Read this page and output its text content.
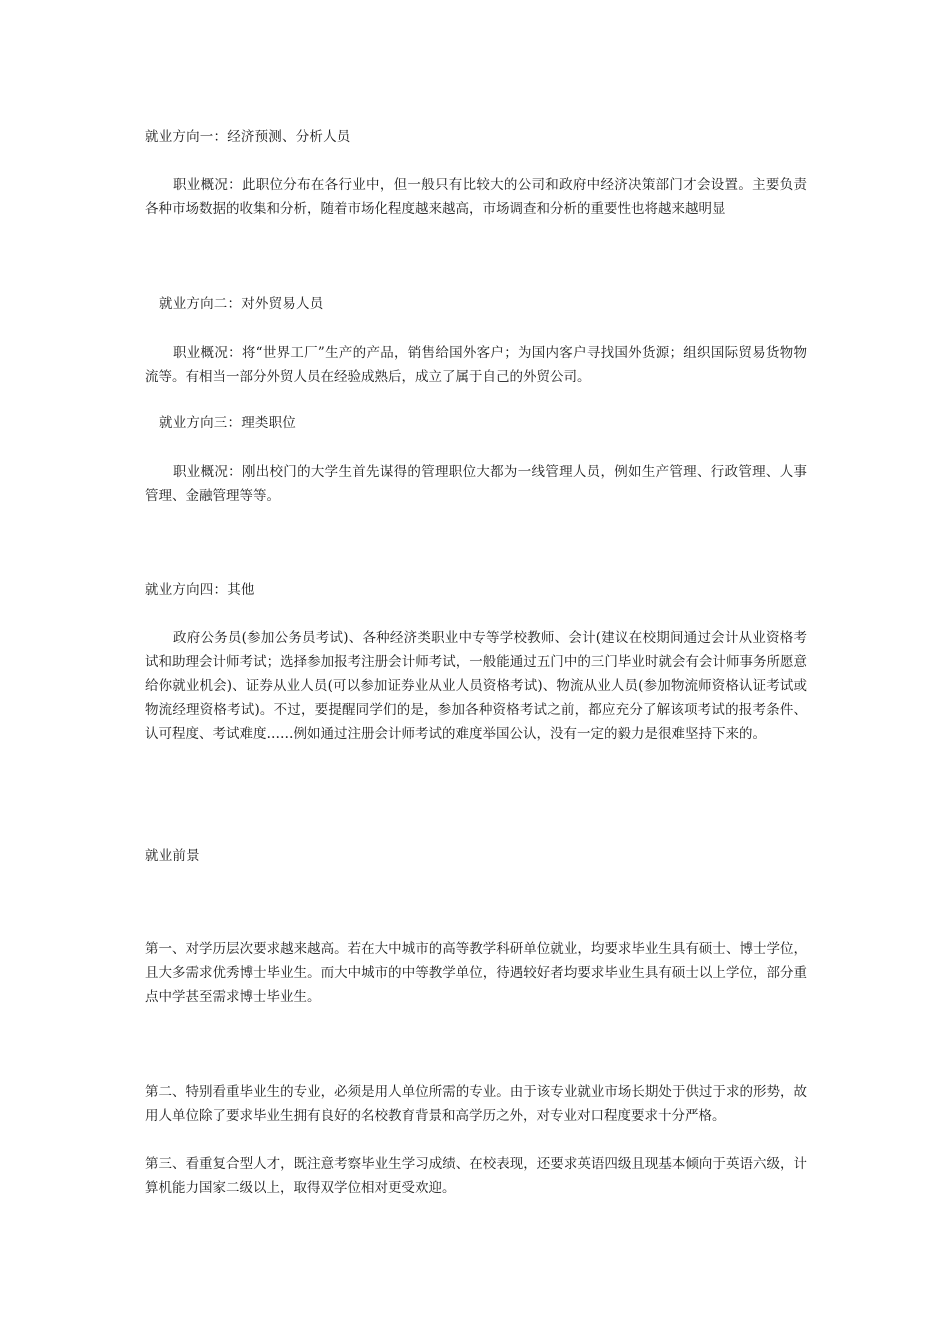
就业方向一：经济预测、分析人员

职业概况：此职位分布在各行业中，但一般只有比较大的公司和政府中经济决策部门才会设置。主要负责各种市场数据的收集和分析，随着市场化程度越来越高，市场调查和分析的重要性也将越来越明显

就业方向二：对外贸易人员

职业概况：将“世界工厂”生产的产品，销售给国外客户；为国内客户寻找国外货源；组织国际贸易货物物流等。有相当一部分外贸人员在经验成熟后，成立了属于自己的外贸公司。

就业方向三：理类职位

职业概况：刚出校门的大学生首先谋得的管理职位大都为一线管理人员，例如生产管理、行政管理、人事管理、金融管理等等。

就业方向四：其他

政府公务员(参加公务员考试)、各种经济类职业中专等学校教师、会计(建议在校期间通过会计从业资格考试和助理会计师考试；选择参加报考注册会计师考试，一般能通过五门中的三门毕业时就会有会计师事务所愿意给你就业机会)、证券从业人员(可以参加证券业从业人员资格考试)、物流从业人员(参加物流师资格认证考试或物流经理资格考试)。不过，要提醒同学们的是，参加各种资格考试之前，都应充分了解该项考试的报考条件、认可程度、考试难度……例如通过注册会计师考试的难度举国公认，没有一定的毅力是很难坚持下来的。

就业前景

第一、对学历层次要求越来越高。若在大中城市的高等教学科研单位就业，均要求毕业生具有硕士、博士学位，且大多需求优秀博士毕业生。而大中城市的中等教学单位，待遇较好者均要求毕业生具有硕士以上学位，部分重点中学甚至需求博士毕业生。

第二、特别看重毕业生的专业，必须是用人单位所需的专业。由于该专业就业市场长期处于供过于求的形势，故用人单位除了要求毕业生拥有良好的名校教育背景和高学历之外，对专业对口程度要求十分严格。

第三、看重复合型人才，既注意考察毕业生学习成绩、在校表现，还要求英语四级且现基本倾向于英语六级，计算机能力国家二级以上，取得双学位相对更受欢迎。
